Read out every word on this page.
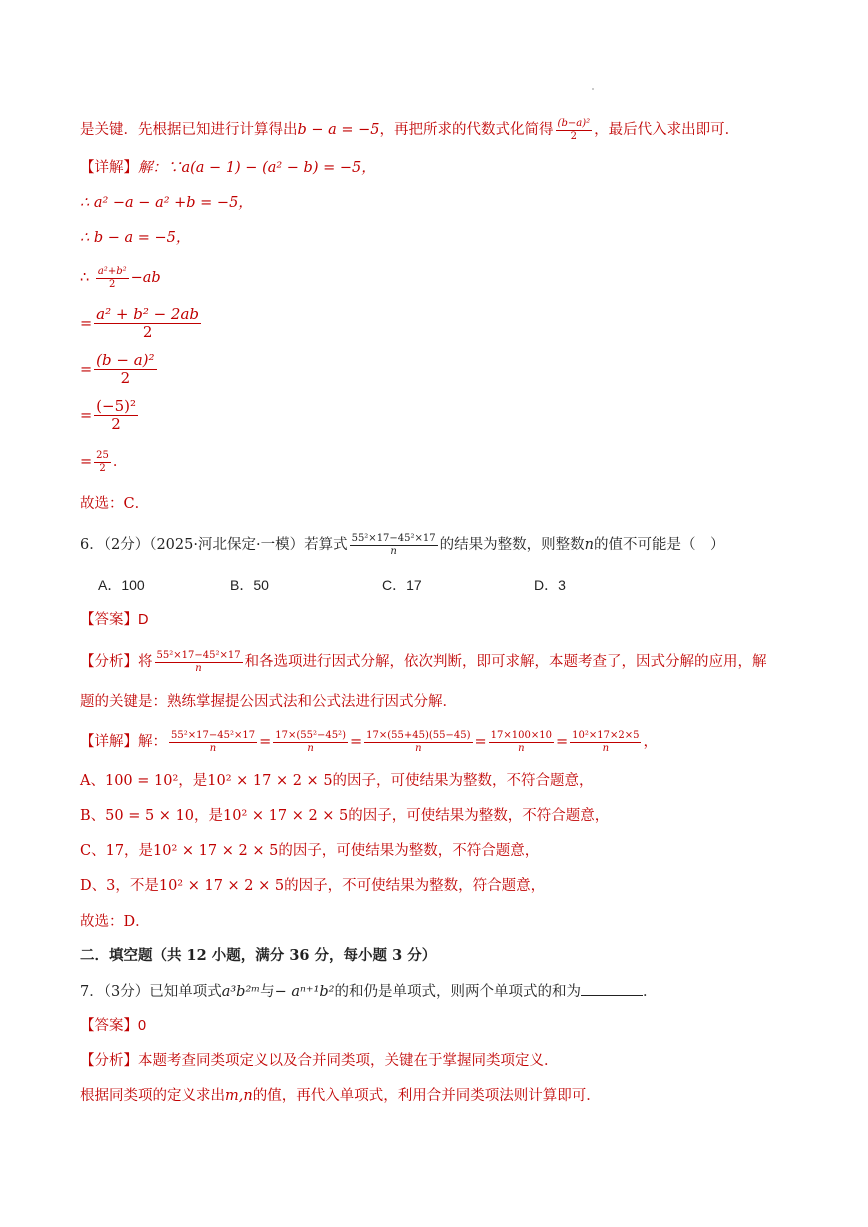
是关键．先根据已知进行计算得出b − a = −5，再把所求的代数式化简得 $\frac{\text{(b−a)²}}{2}$ ，最后代入求出即可．
【详解】解：∵a(a − 1) − (a² − b) = −5，
∴ a² −a − a² +b = −5，
∴ b − a = −5，
∴ $\frac{\text{a²+b²}}{2} -ab$
= $\frac{\text{a² + b² − 2ab}}{2}$
= $\frac{\text{(b − a)²}}{2}$
= $\frac{\text{(−5)²}}{2}$
= $\frac{25}{2}$ ．
故选：C．
6．（2分）（2025·河北保定·一模）若算式 $\frac{\text{55²×17−45²×17}}{n}$ 的结果为整数，则整数n的值不可能是（　）
A．100	B．50	C．17	D．3
【答案】D
【分析】将 $\frac{\text{55²×17−45²×17}}{n}$ 和各选项进行因式分解，依次判断，即可求解，本题考查了，因式分解的应用，解
题的关键是：熟练掌握提公因式法和公式法进行因式分解．
【详解】解： $\frac{\text{55²×17−45²×17}}{n} = \frac{\text{17×(55²−45²)}}{n} = \frac{17\times(55+45)(55-45)}{n} = \frac{17\times 100\times 10}{n} = \frac{\text{10²×17×2×5}}{n}$ ，
A、100 = 10²，是10² × 17 × 2 × 5的因子，可使结果为整数，不符合题意，
B、50 = 5 × 10，是10² × 17 × 2 × 5的因子，可使结果为整数，不符合题意，
C、17，是10² × 17 × 2 × 5的因子，可使结果为整数，不符合题意，
D、3，不是10² × 17 × 2 × 5的因子，不可使结果为整数，符合题意，
故选：D．
二．填空题（共 12 小题，满分 36 分，每小题 3 分）
7．（3分）已知单项式a³b²ᵐ与− aⁿ⁺¹b²的和仍是单项式，则两个单项式的和为	．
【答案】0
【分析】本题考查同类项定义以及合并同类项，关键在于掌握同类项定义．
根据同类项的定义求出m,n的值，再代入单项式，利用合并同类项法则计算即可．
